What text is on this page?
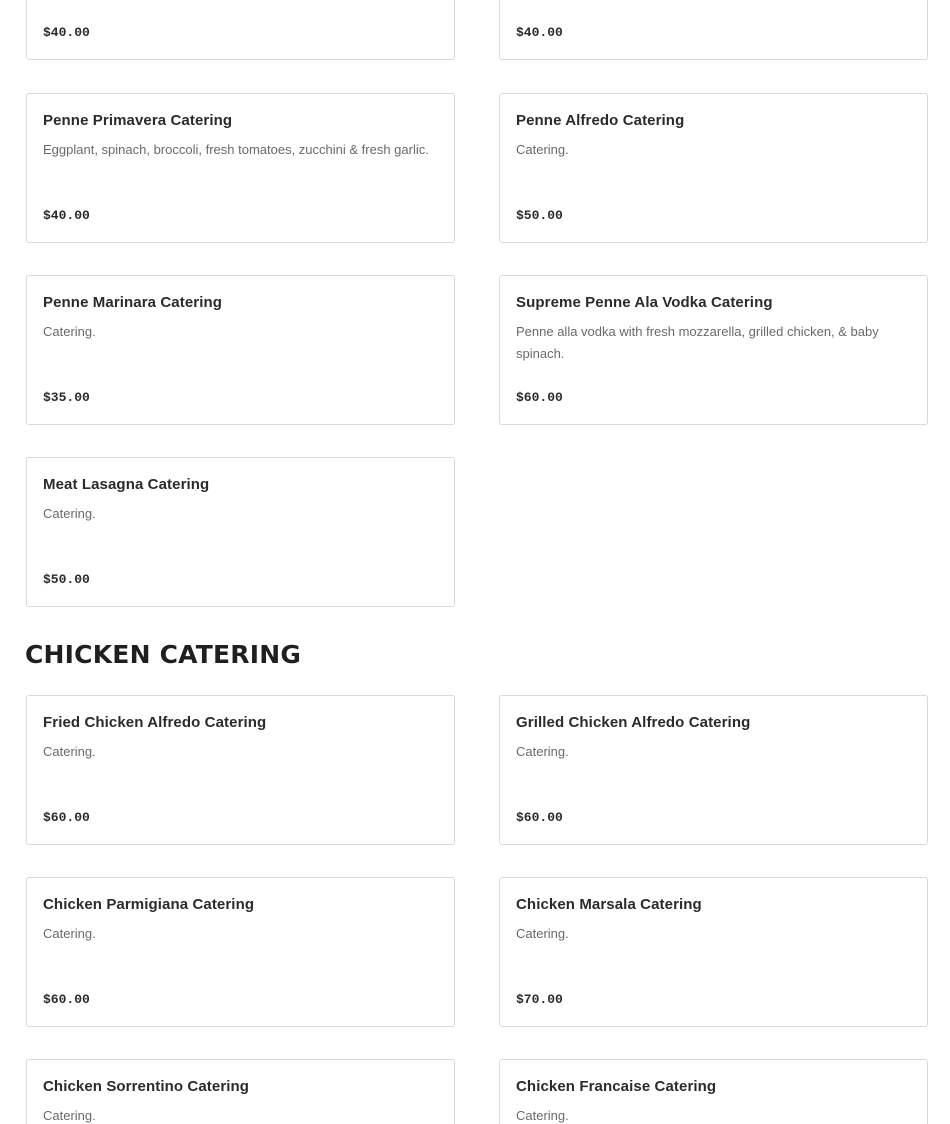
$40.00	$40.00
Penne Primavera Catering
Eggplant, spinach, broccoli, fresh tomatoes, zucchini & fresh garlic.
$40.00
Penne Alfredo Catering
Catering.
$50.00
Penne Marinara Catering
Catering.
$35.00
Supreme Penne Ala Vodka Catering
Penne alla vodka with fresh mozzarella, grilled chicken, & baby spinach.
$60.00
Meat Lasagna Catering
Catering.
$50.00
CHICKEN CATERING
Fried Chicken Alfredo Catering
Catering.
$60.00
Grilled Chicken Alfredo Catering
Catering.
$60.00
Chicken Parmigiana Catering
Catering.
$60.00
Chicken Marsala Catering
Catering.
$70.00
Chicken Sorrentino Catering
Catering.
Chicken Francaise Catering
Catering.
